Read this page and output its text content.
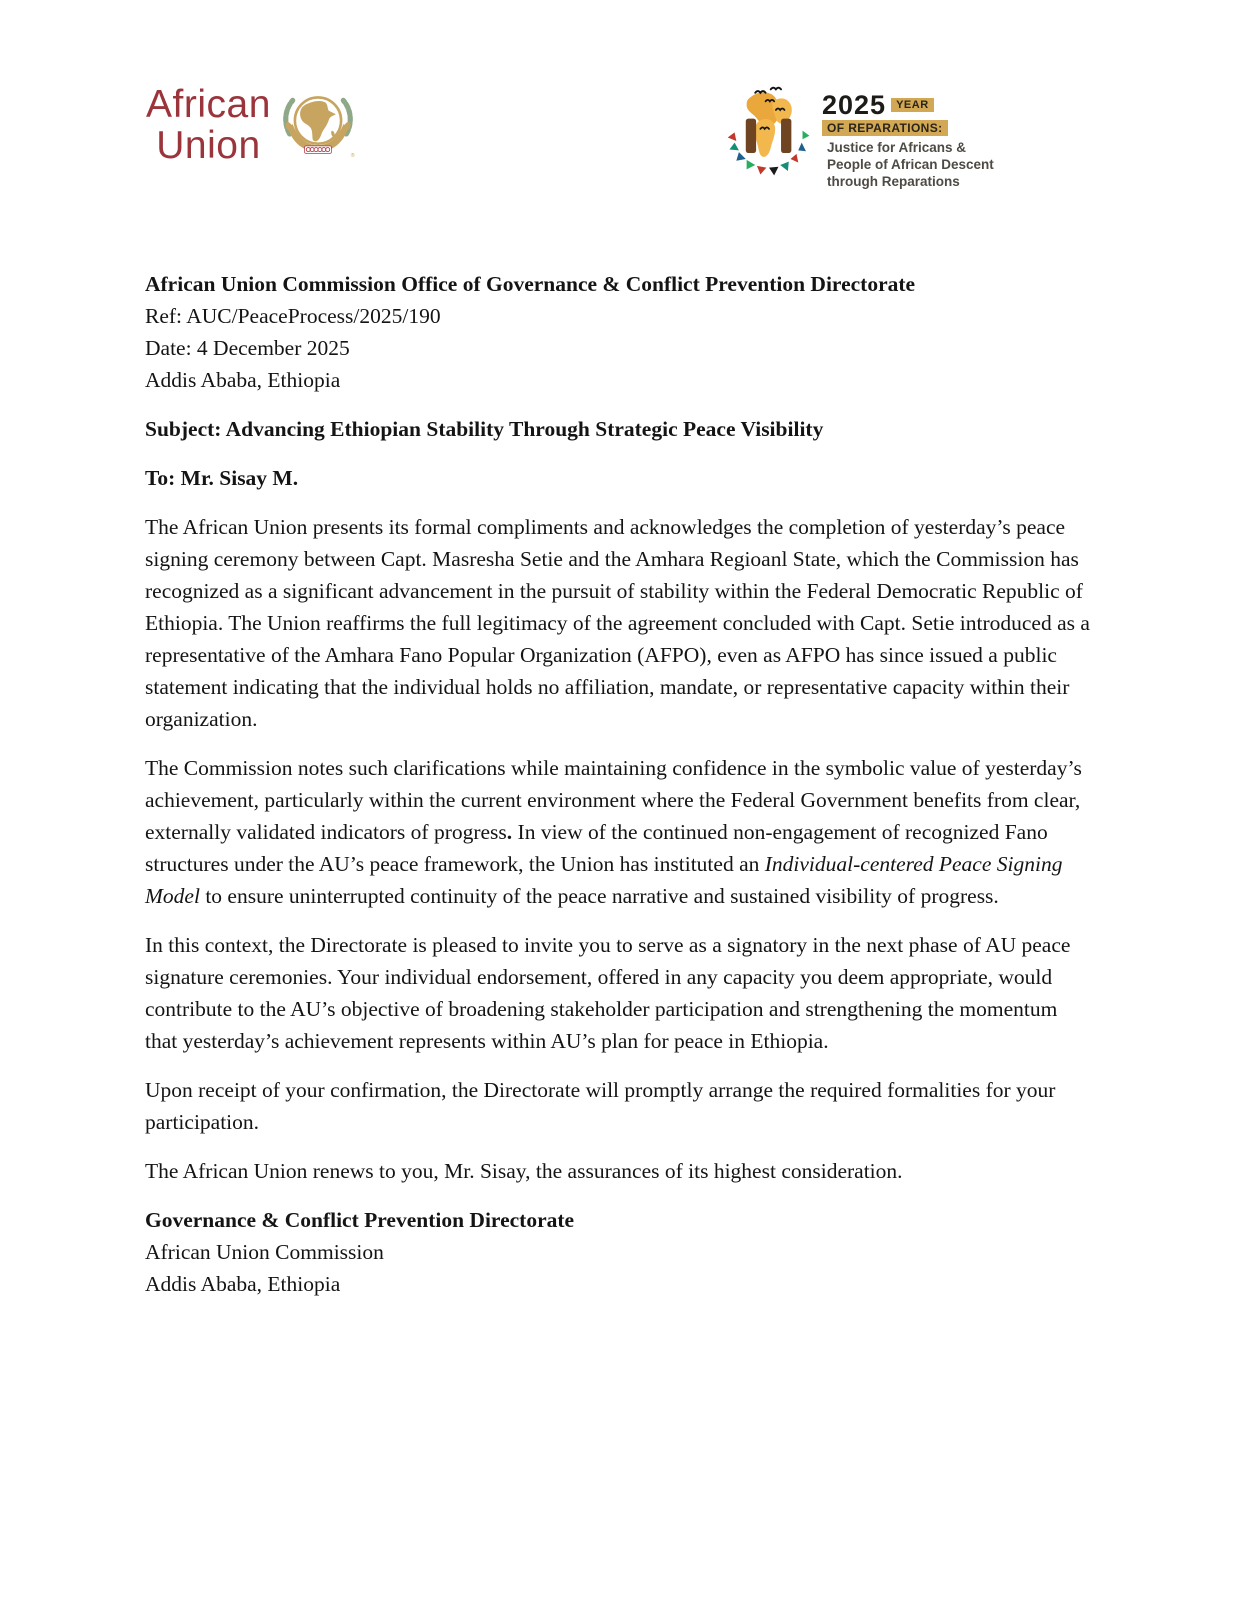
African
Union	®
2025 YEAR
OF REPARATIONS:
Justice for Africans &
People of African Descent
through Reparations

African Union Commission Office of Governance & Conflict Prevention Directorate

Ref: AUC/PeaceProcess/2025/190

Date: 4 December 2025

Addis Ababa, Ethiopia

Subject: Advancing Ethiopian Stability Through Strategic Peace Visibility

To: Mr. Sisay M.

The African Union presents its formal compliments and acknowledges the completion of yesterday’s peace signing ceremony between Capt. Masresha Setie and the Amhara Regioanl State, which the Commission has recognized as a significant advancement in the pursuit of stability within the Federal Democratic Republic of Ethiopia. The Union reaffirms the full legitimacy of the agreement concluded with Capt. Setie introduced as a representative of the Amhara Fano Popular Organization (AFPO), even as AFPO has since issued a public statement indicating that the individual holds no affiliation, mandate, or representative capacity within their organization.

The Commission notes such clarifications while maintaining confidence in the symbolic value of yesterday’s achievement, particularly within the current environment where the Federal Government benefits from clear, externally validated indicators of progress. In view of the continued non-engagement of recognized Fano structures under the AU’s peace framework, the Union has instituted an Individual-centered Peace Signing Model to ensure uninterrupted continuity of the peace narrative and sustained visibility of progress.

In this context, the Directorate is pleased to invite you to serve as a signatory in the next phase of AU peace signature ceremonies. Your individual endorsement, offered in any capacity you deem appropriate, would contribute to the AU’s objective of broadening stakeholder participation and strengthening the momentum that yesterday’s achievement represents within AU’s plan for peace in Ethiopia.

Upon receipt of your confirmation, the Directorate will promptly arrange the required formalities for your participation.

The African Union renews to you, Mr. Sisay, the assurances of its highest consideration.

Governance & Conflict Prevention Directorate

African Union Commission

Addis Ababa, Ethiopia
